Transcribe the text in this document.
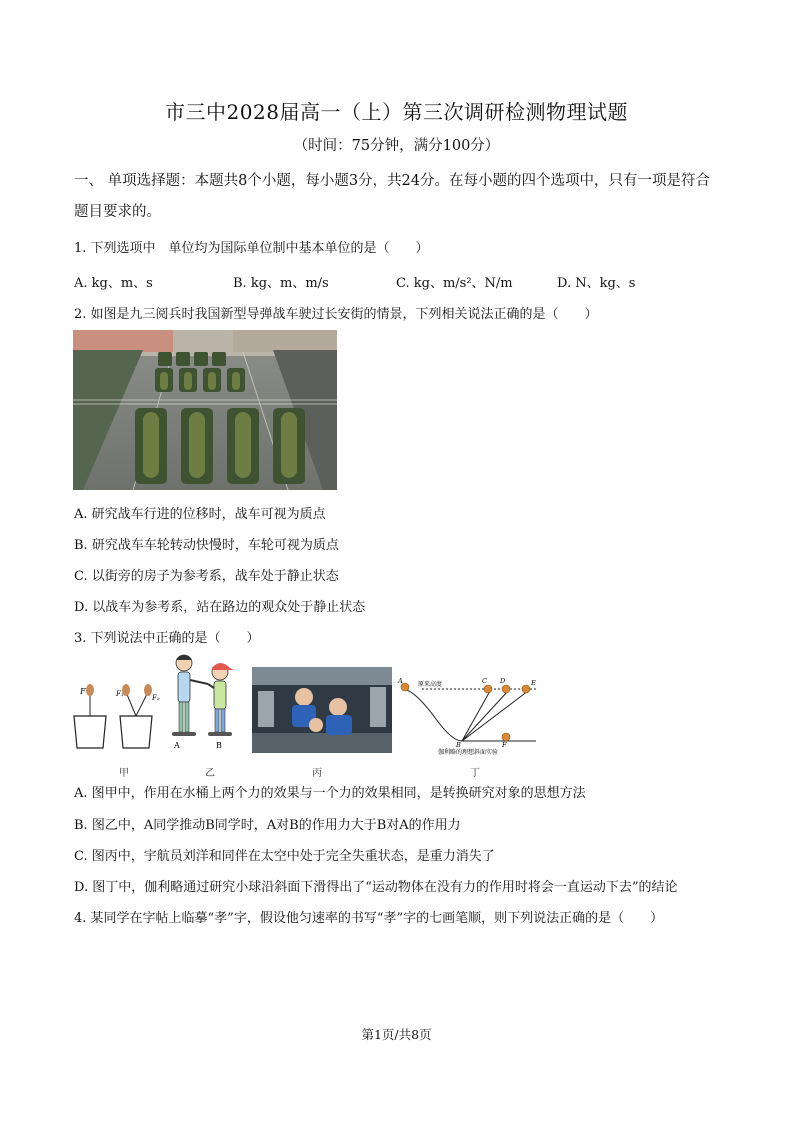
市三中2028届高一（上）第三次调研检测物理试题
（时间：75分钟，满分100分）
一、 单项选择题：本题共8个小题，每小题3分，共24分。在每小题的四个选项中，只有一项是符合题目要求的。
1. 下列选项中　单位均为国际单位制中基本单位的是（　　）
A. kg、m、s	B. kg、m、m/s	C. kg、m/s²、N/m	D. N、kg、s
2. 如图是九三阅兵时我国新型导弹战车驶过长安街的情景，下列相关说法正确的是（　　）
A. 研究战车行进的位移时，战车可视为质点
B. 研究战车车轮转动快慢时，车轮可视为质点
C. 以街旁的房子为参考系，战车处于静止状态
D. 以战车为参考系，站在路边的观众处于静止状态
3. 下列说法中正确的是（　　）
F	F₁	F₂
A	B
A	C D	E
B	F
原来高度
伽利略的理想斜面实验
甲	乙	丙	丁
A. 图甲中，作用在水桶上两个力的效果与一个力的效果相同，是转换研究对象的思想方法
B. 图乙中，A同学推动B同学时，A对B的作用力大于B对A的作用力
C. 图丙中，宇航员刘洋和同伴在太空中处于完全失重状态，是重力消失了
D. 图丁中，伽利略通过研究小球沿斜面下滑得出了“运动物体在没有力的作用时将会一直运动下去”的结论
4. 某同学在字帖上临摹“孝”字，假设他匀速率的书写“孝”字的七画笔顺，则下列说法正确的是（　　）
第1页/共8页
